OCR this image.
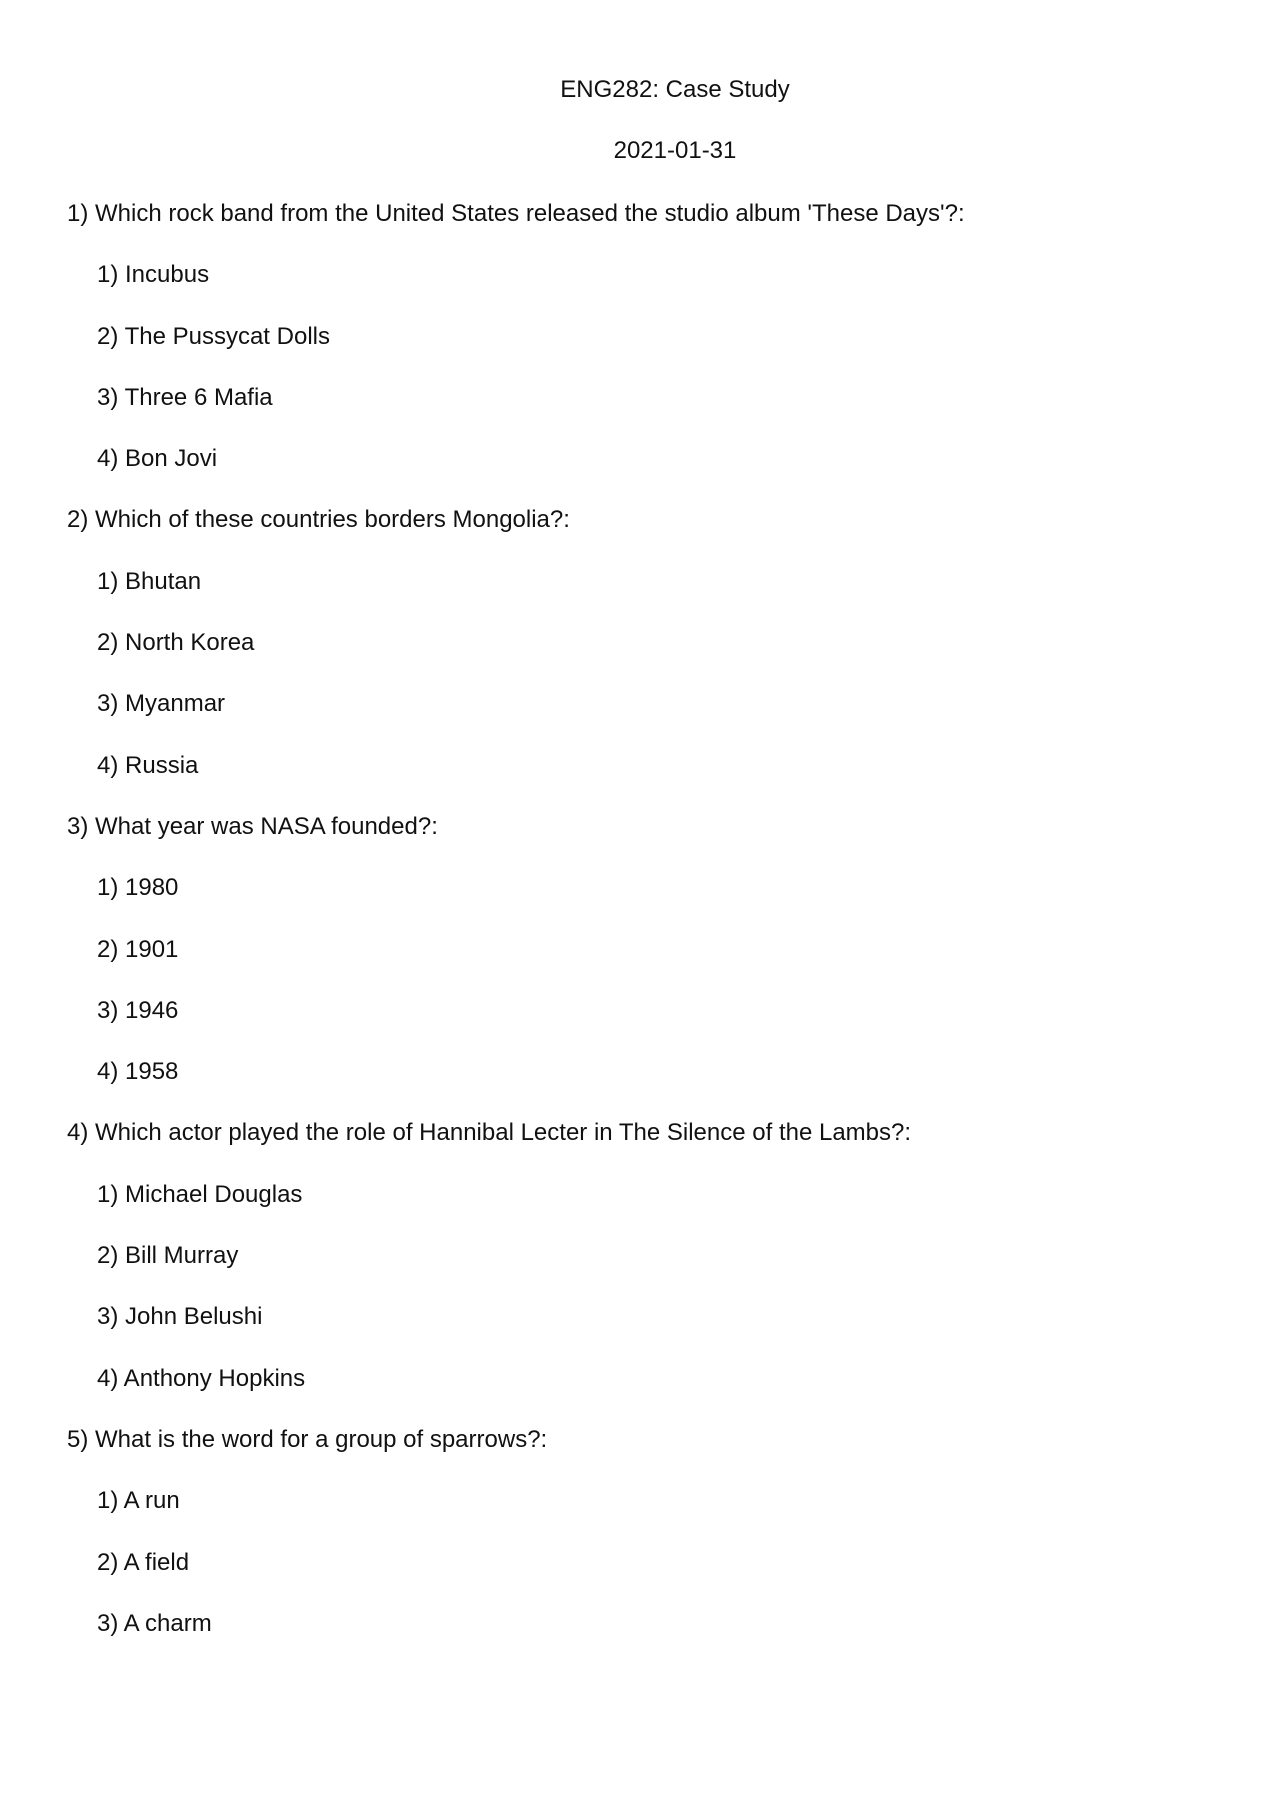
ENG282: Case Study
2021-01-31
1) Which rock band from the United States released the studio album 'These Days'?:
1) Incubus
2) The Pussycat Dolls
3) Three 6 Mafia
4) Bon Jovi
2) Which of these countries borders Mongolia?:
1) Bhutan
2) North Korea
3) Myanmar
4) Russia
3) What year was NASA founded?:
1) 1980
2) 1901
3) 1946
4) 1958
4) Which actor played the role of Hannibal Lecter in The Silence of the Lambs?:
1) Michael Douglas
2) Bill Murray
3) John Belushi
4) Anthony Hopkins
5) What is the word for a group of sparrows?:
1) A run
2) A field
3) A charm
